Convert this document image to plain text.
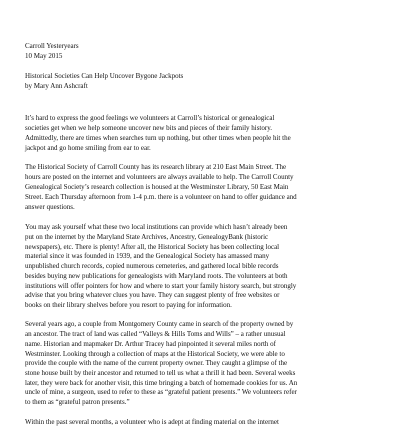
Carroll Yesteryears
10 May 2015
Historical Societies Can Help Uncover Bygone Jackpots
by Mary Ann Ashcraft
It’s hard to express the good feelings we volunteers at Carroll’s historical or genealogical
societies get when we help someone uncover new bits and pieces of their family history.
Admittedly, there are times when searches turn up nothing, but other times when people hit the
jackpot and go home smiling from ear to ear.
The Historical Society of Carroll County has its research library at 210 East Main Street. The
hours are posted on the internet and volunteers are always available to help. The Carroll County
Genealogical Society’s research collection is housed at the Westminster Library, 50 East Main
Street. Each Thursday afternoon from 1-4 p.m. there is a volunteer on hand to offer guidance and
answer questions.
You may ask yourself what these two local institutions can provide which hasn’t already been
put on the internet by the Maryland State Archives, Ancestry, GenealogyBank (historic
newspapers), etc. There is plenty! After all, the Historical Society has been collecting local
material since it was founded in 1939, and the Genealogical Society has amassed many
unpublished church records, copied numerous cemeteries, and gathered local bible records
besides buying new publications for genealogists with Maryland roots. The volunteers at both
institutions will offer pointers for how and where to start your family history search, but strongly
advise that you bring whatever clues you have. They can suggest plenty of free websites or
books on their library shelves before you resort to paying for information.
Several years ago, a couple from Montgomery County came in search of the property owned by
an ancestor. The tract of land was called “Valleys & Hills Toms and Wills” – a rather unusual
name. Historian and mapmaker Dr. Arthur Tracey had pinpointed it several miles north of
Westminster. Looking through a collection of maps at the Historical Society, we were able to
provide the couple with the name of the current property owner. They caught a glimpse of the
stone house built by their ancestor and returned to tell us what a thrill it had been. Several weeks
later, they were back for another visit, this time bringing a batch of homemade cookies for us. An
uncle of mine, a surgeon, used to refer to these as “grateful patient presents.” We volunteers refer
to them as “grateful patron presents.”
Within the past several months, a volunteer who is adept at finding material on the internet
